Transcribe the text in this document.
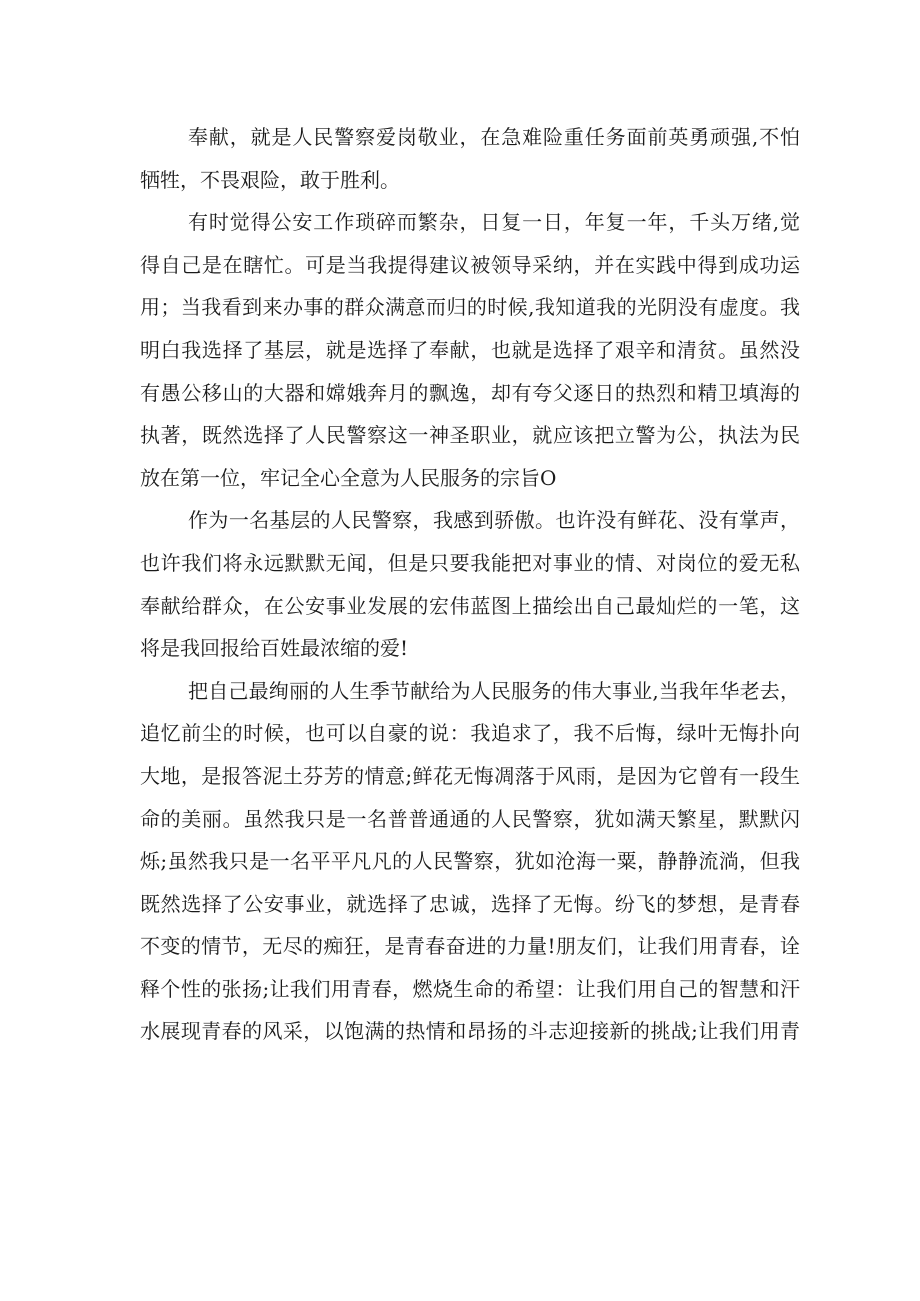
奉献，就是人民警察爱岗敬业，在急难险重任务面前英勇顽强,不怕
牺牲，不畏艰险，敢于胜利。

有时觉得公安工作琐碎而繁杂，日复一日，年复一年，千头万绪,觉
得自己是在瞎忙。可是当我提得建议被领导采纳，并在实践中得到成功运
用；当我看到来办事的群众满意而归的时候,我知道我的光阴没有虚度。我
明白我选择了基层，就是选择了奉献，也就是选择了艰辛和清贫。虽然没
有愚公移山的大器和嫦娥奔月的飘逸，却有夸父逐日的热烈和精卫填海的
执著，既然选择了人民警察这一神圣职业，就应该把立警为公，执法为民
放在第一位，牢记全心全意为人民服务的宗旨O

作为一名基层的人民警察，我感到骄傲。也许没有鲜花、没有掌声，
也许我们将永远默默无闻，但是只要我能把对事业的情、对岗位的爱无私
奉献给群众，在公安事业发展的宏伟蓝图上描绘出自己最灿烂的一笔，这
将是我回报给百姓最浓缩的爱!

把自己最绚丽的人生季节献给为人民服务的伟大事业,当我年华老去，
追忆前尘的时候，也可以自豪的说：我追求了，我不后悔，绿叶无悔扑向
大地，是报答泥土芬芳的情意;鲜花无悔凋落于风雨，是因为它曾有一段生
命的美丽。虽然我只是一名普普通通的人民警察，犹如满天繁星，默默闪
烁;虽然我只是一名平平凡凡的人民警察，犹如沧海一粟，静静流淌，但我
既然选择了公安事业，就选择了忠诚，选择了无悔。纷飞的梦想，是青春
不变的情节，无尽的痴狂，是青春奋进的力量!朋友们，让我们用青春，诠
释个性的张扬;让我们用青春，燃烧生命的希望：让我们用自己的智慧和汗
水展现青春的风采，以饱满的热情和昂扬的斗志迎接新的挑战;让我们用青
